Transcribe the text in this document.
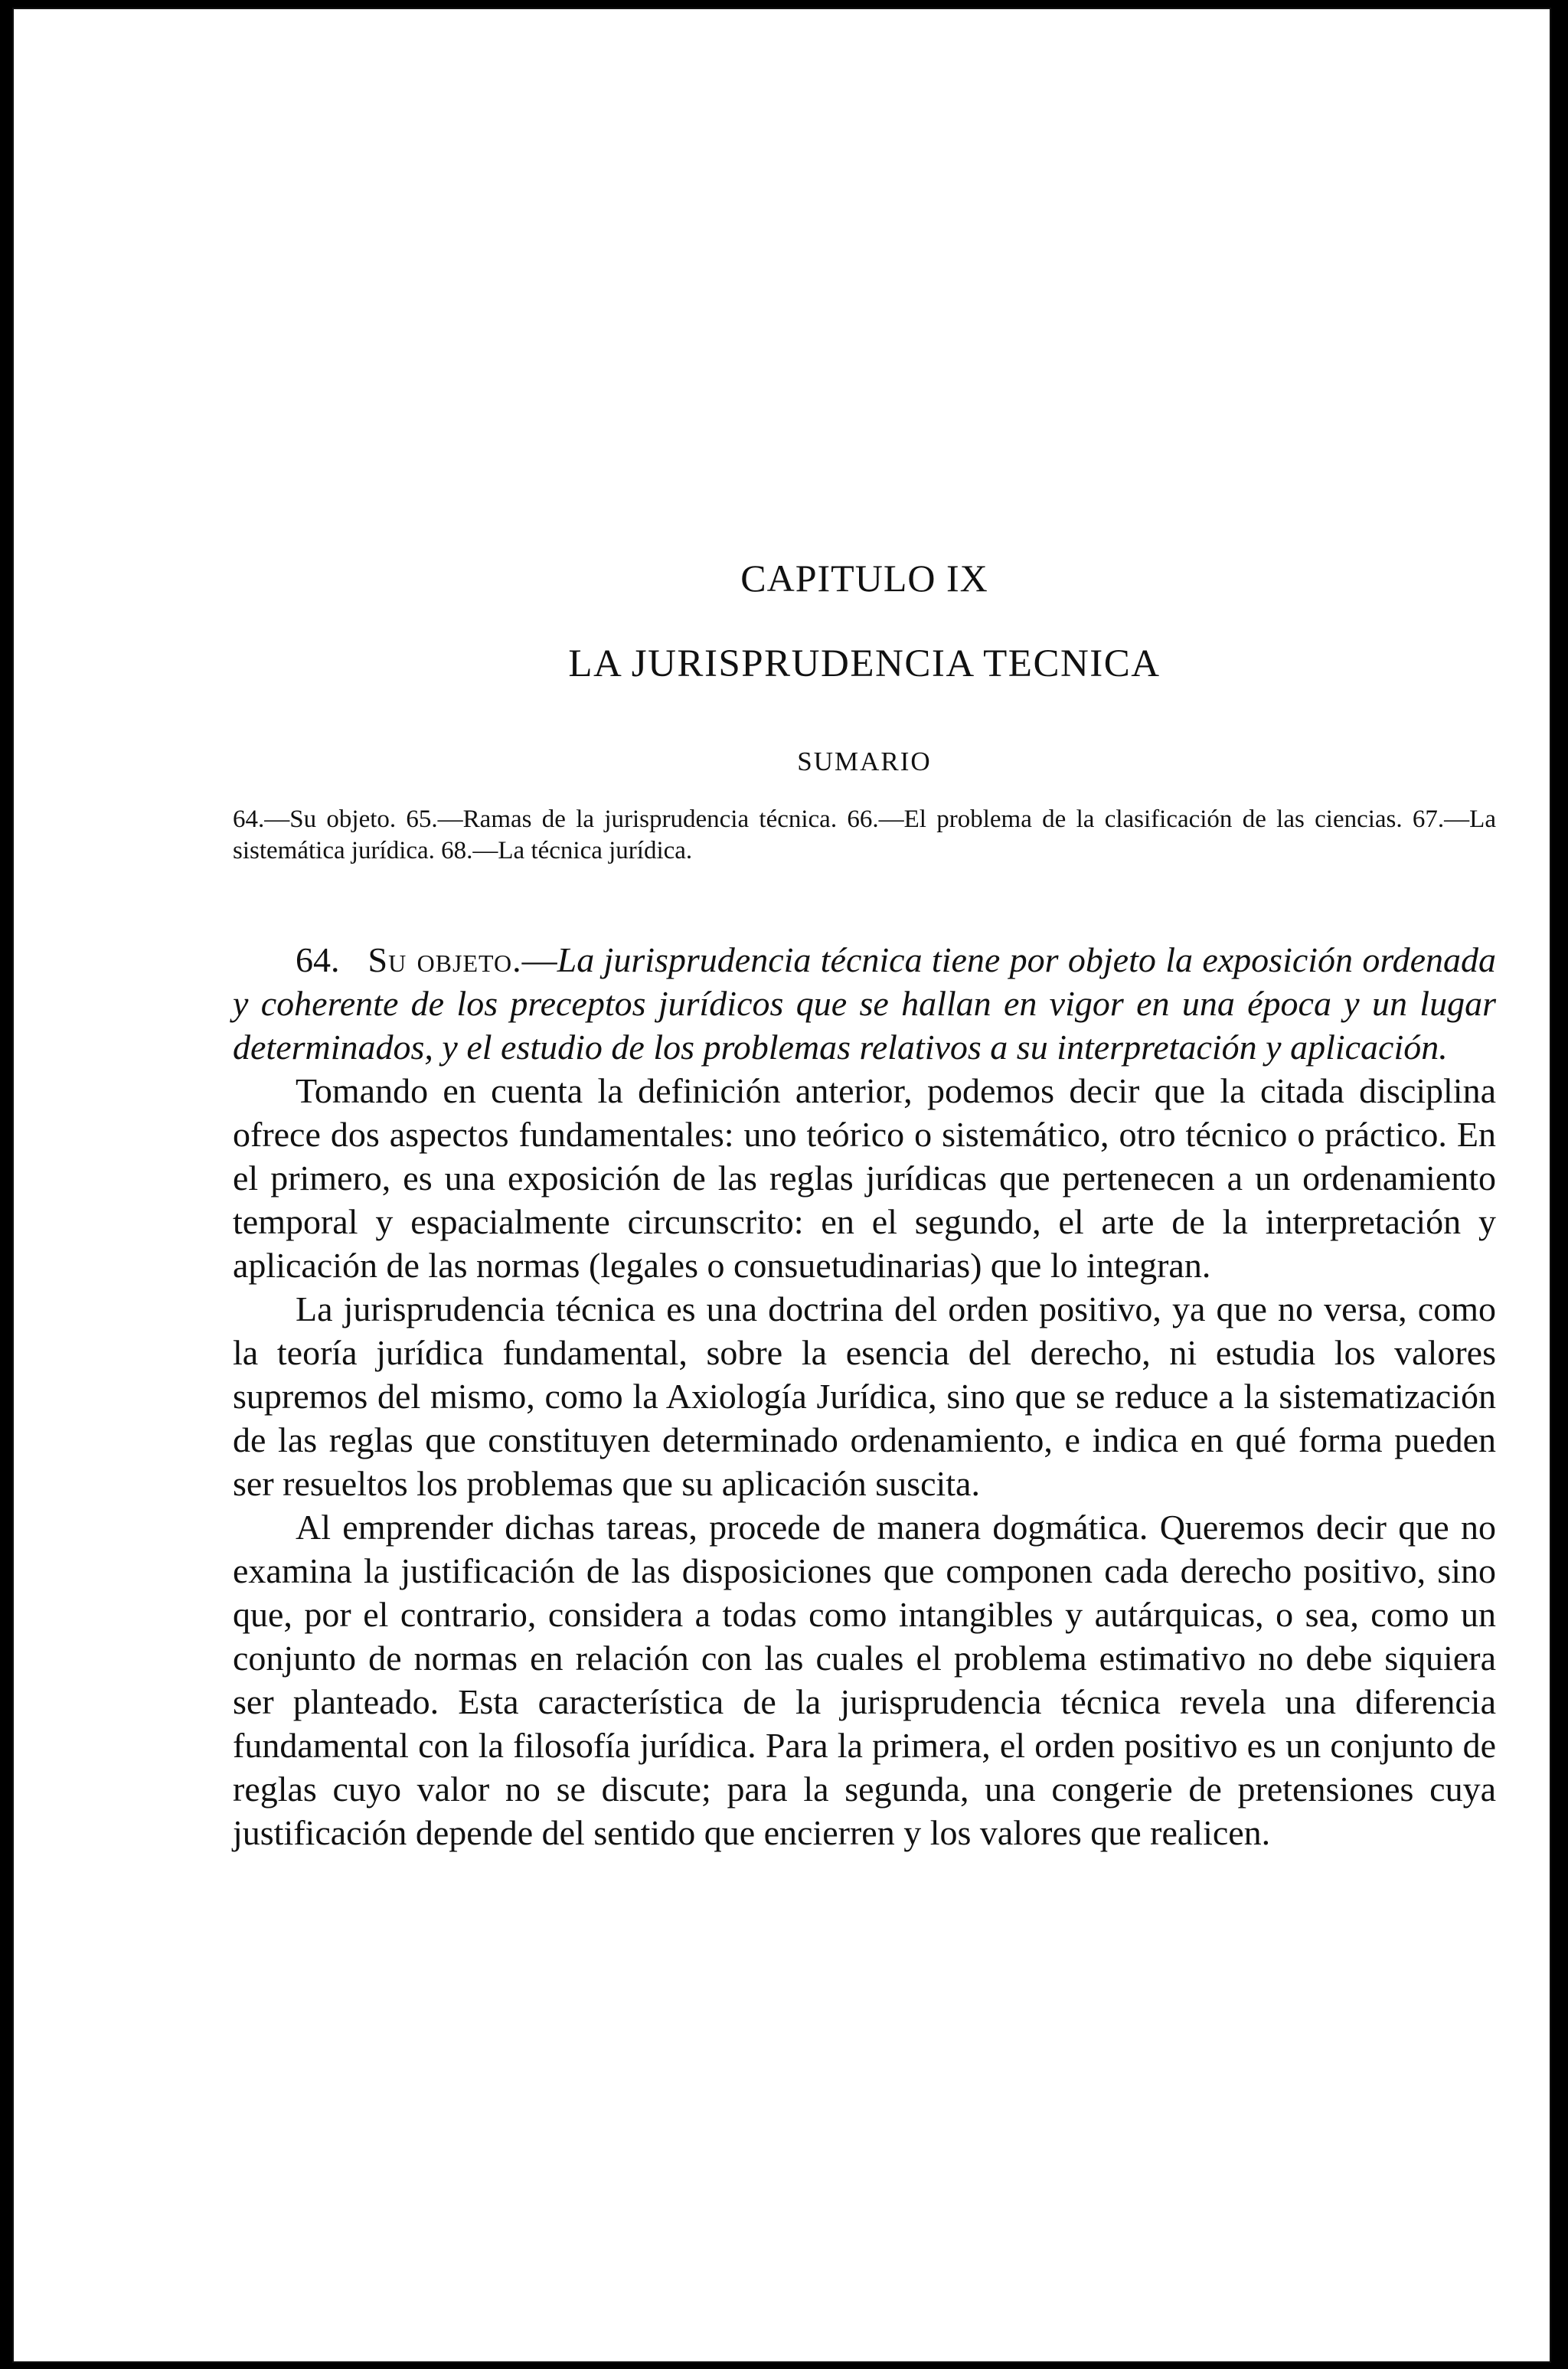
CAPITULO IX
LA JURISPRUDENCIA TECNICA
SUMARIO
64.—Su objeto. 65.—Ramas de la jurisprudencia técnica. 66.—El problema de la clasificación de las ciencias. 67.—La sistemática jurídica. 68.—La técnica jurídica.

64. Su objeto.—La jurisprudencia técnica tiene por objeto la exposición ordenada y coherente de los preceptos jurídicos que se hallan en vigor en una época y un lugar determinados, y el estudio de los problemas relativos a su interpretación y aplicación.

Tomando en cuenta la definición anterior, podemos decir que la citada disciplina ofrece dos aspectos fundamentales: uno teórico o sistemático, otro técnico o práctico. En el primero, es una exposición de las reglas jurídicas que pertenecen a un ordenamiento temporal y espacialmente circunscrito: en el segundo, el arte de la interpretación y aplicación de las normas (legales o consuetudinarias) que lo integran.

La jurisprudencia técnica es una doctrina del orden positivo, ya que no versa, como la teoría jurídica fundamental, sobre la esencia del derecho, ni estudia los valores supremos del mismo, como la Axiología Jurídica, sino que se reduce a la sistematización de las reglas que constituyen determinado ordenamiento, e indica en qué forma pueden ser resueltos los problemas que su aplicación suscita.

Al emprender dichas tareas, procede de manera dogmática. Queremos decir que no examina la justificación de las disposiciones que componen cada derecho positivo, sino que, por el contrario, considera a todas como intangibles y autárquicas, o sea, como un conjunto de normas en relación con las cuales el problema estimativo no debe siquiera ser planteado. Esta característica de la jurisprudencia técnica revela una diferencia fundamental con la filosofía jurídica. Para la primera, el orden positivo es un conjunto de reglas cuyo valor no se discute; para la segunda, una congerie de pretensiones cuya justificación depende del sentido que encierren y los valores que realicen.
